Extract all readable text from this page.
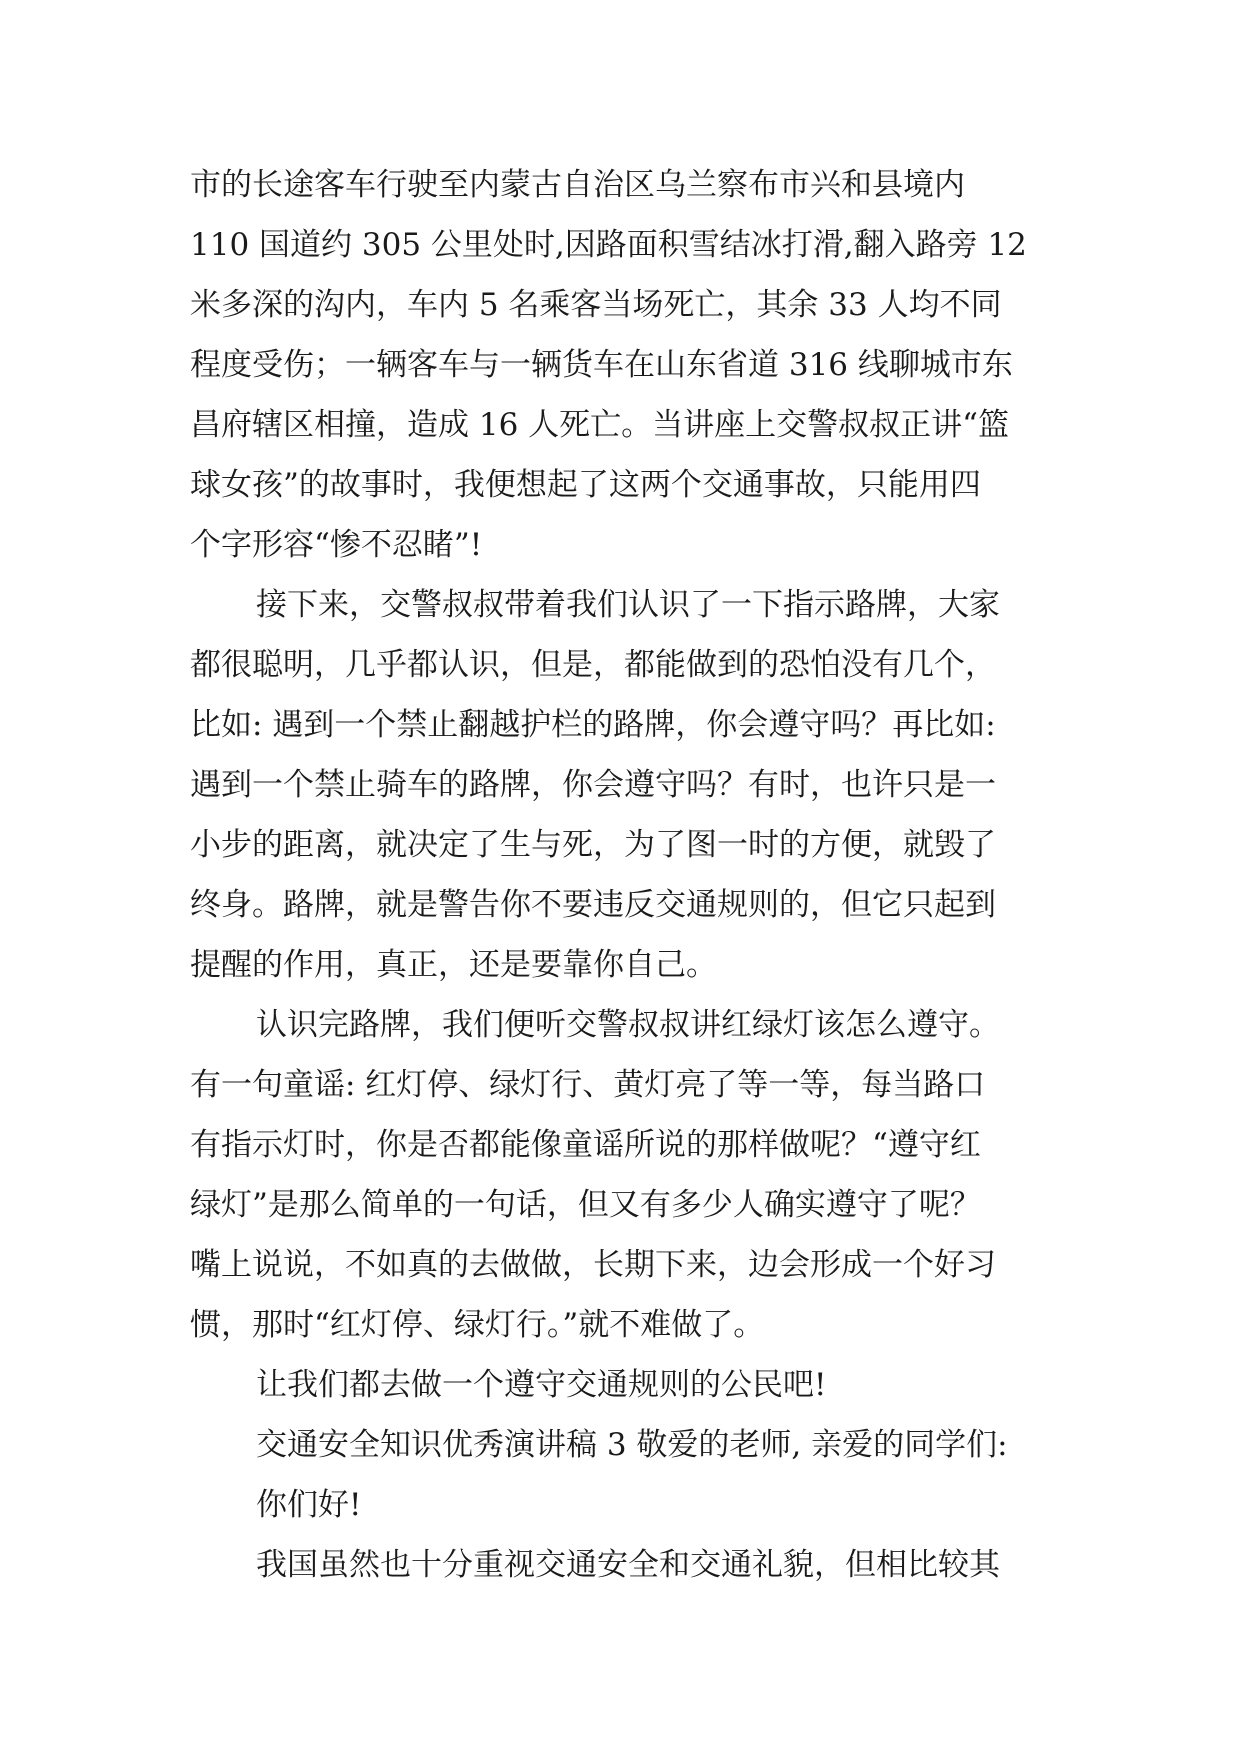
市的长途客车行驶至内蒙古自治区乌兰察布市兴和县境内
110 国道约 305 公里处时,因路面积雪结冰打滑,翻入路旁 12
米多深的沟内，车内 5 名乘客当场死亡，其余 33 人均不同
程度受伤；一辆客车与一辆货车在山东省道 316 线聊城市东
昌府辖区相撞，造成 16 人死亡。当讲座上交警叔叔正讲“篮
球女孩”的故事时，我便想起了这两个交通事故，只能用四
个字形容“惨不忍睹”!
接下来，交警叔叔带着我们认识了一下指示路牌，大家
都很聪明，几乎都认识，但是，都能做到的恐怕没有几个，
比如: 遇到一个禁止翻越护栏的路牌，你会遵守吗？再比如:
遇到一个禁止骑车的路牌，你会遵守吗？有时，也许只是一
小步的距离，就决定了生与死，为了图一时的方便，就毁了
终身。路牌，就是警告你不要违反交通规则的，但它只起到
提醒的作用，真正，还是要靠你自己。
认识完路牌，我们便听交警叔叔讲红绿灯该怎么遵守。
有一句童谣: 红灯停、绿灯行、黄灯亮了等一等，每当路口
有指示灯时，你是否都能像童谣所说的那样做呢？“遵守红
绿灯”是那么简单的一句话，但又有多少人确实遵守了呢？
嘴上说说，不如真的去做做，长期下来，边会形成一个好习
惯，那时“红灯停、绿灯行。”就不难做了。
让我们都去做一个遵守交通规则的公民吧!
交通安全知识优秀演讲稿 3 敬爱的老师, 亲爱的同学们:
你们好!
我国虽然也十分重视交通安全和交通礼貌，但相比较其
